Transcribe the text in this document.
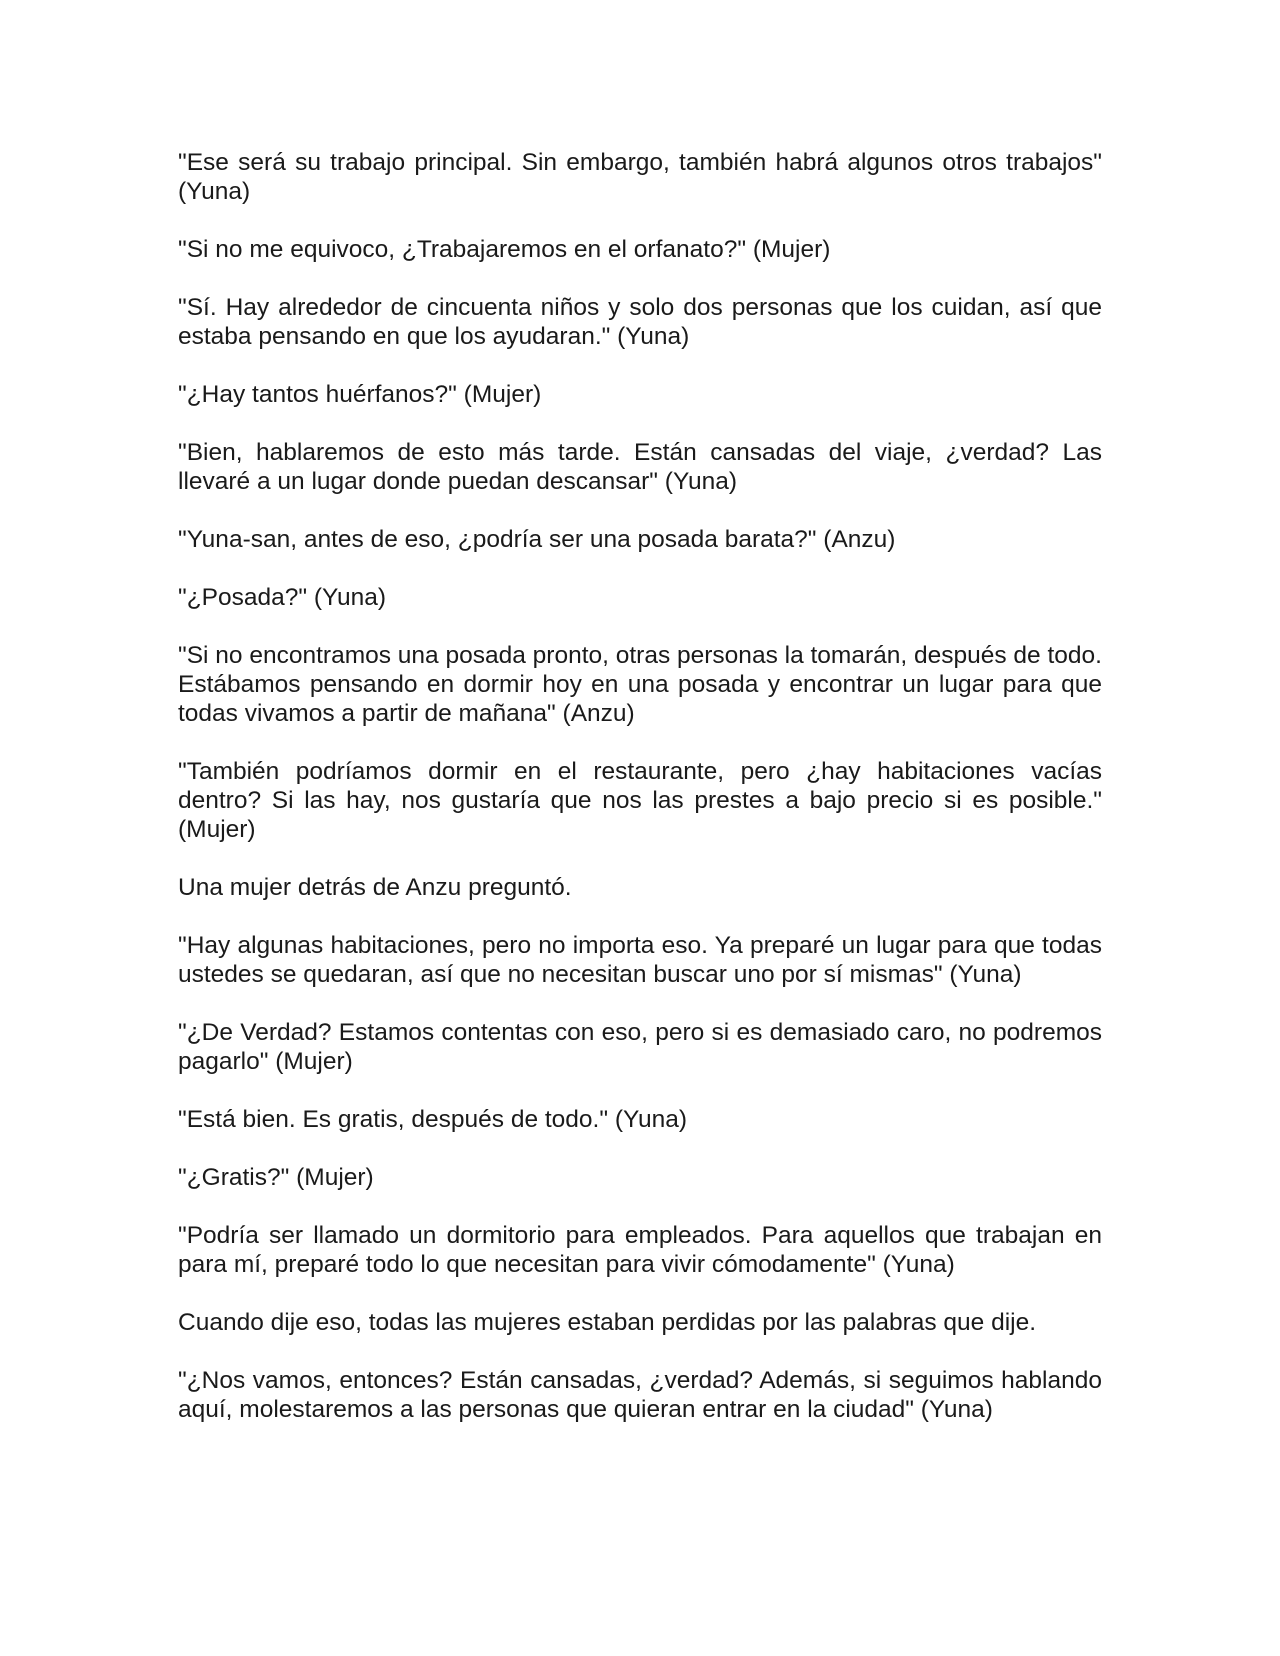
"Ese será su trabajo principal. Sin embargo, también habrá algunos otros trabajos" (Yuna)

"Si no me equivoco, ¿Trabajaremos en el orfanato?" (Mujer)

"Sí. Hay alrededor de cincuenta niños y solo dos personas que los cuidan, así que estaba pensando en que los ayudaran." (Yuna)

"¿Hay tantos huérfanos?" (Mujer)

"Bien, hablaremos de esto más tarde. Están cansadas del viaje, ¿verdad? Las llevaré a un lugar donde puedan descansar" (Yuna)

"Yuna-san, antes de eso, ¿podría ser una posada barata?" (Anzu)

"¿Posada?" (Yuna)

"Si no encontramos una posada pronto, otras personas la tomarán, después de todo. Estábamos pensando en dormir hoy en una posada y encontrar un lugar para que todas vivamos a partir de mañana" (Anzu)

"También podríamos dormir en el restaurante, pero ¿hay habitaciones vacías dentro? Si las hay, nos gustaría que nos las prestes a bajo precio si es posible." (Mujer)

Una mujer detrás de Anzu preguntó.

"Hay algunas habitaciones, pero no importa eso. Ya preparé un lugar para que todas ustedes se quedaran, así que no necesitan buscar uno por sí mismas" (Yuna)

"¿De Verdad? Estamos contentas con eso, pero si es demasiado caro, no podremos pagarlo" (Mujer)

"Está bien. Es gratis, después de todo." (Yuna)

"¿Gratis?" (Mujer)

"Podría ser llamado un dormitorio para empleados. Para aquellos que trabajan en para mí, preparé todo lo que necesitan para vivir cómodamente" (Yuna)

Cuando dije eso, todas las mujeres estaban perdidas por las palabras que dije.

"¿Nos vamos, entonces? Están cansadas, ¿verdad? Además, si seguimos hablando aquí, molestaremos a las personas que quieran entrar en la ciudad" (Yuna)
